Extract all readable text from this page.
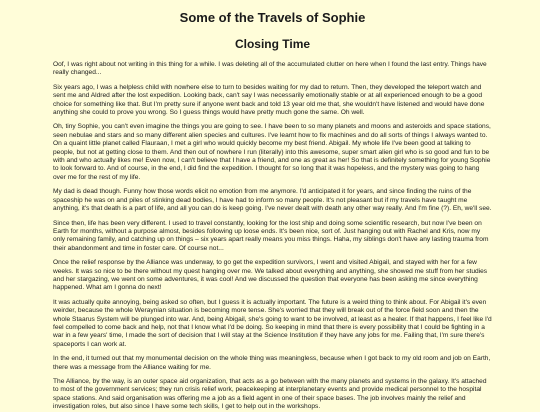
Some of the Travels of Sophie
Closing Time

Oof, I was right about not writing in this thing for a while. I was deleting all of the accumulated clutter on here when I found the last entry. Things have really changed...

Six years ago, I was a helpless child with nowhere else to turn to besides waiting for my dad to return. Then, they developed the teleport watch and sent me and Aldred after the lost expedition. Looking back, can't say I was necessarily emotionally stable or at all experienced enough to be a good choice for something like that. But I'm pretty sure if anyone went back and told 13 year old me that, she wouldn't have listened and would have done anything she could to prove you wrong. So I guess things would have pretty much gone the same. Oh well.

Oh, tiny Sophie, you can't even imagine the things you are going to see. I have been to so many planets and moons and asteroids and space stations, seen nebulae and stars and so many different alien species and cultures. I've learnt how to fix machines and do all sorts of things I always wanted to. On a quaint little planet called Flauraan, I met a girl who would quickly become my best friend. Abigail. My whole life I've been good at talking to people, but not at getting close to them. And then out of nowhere I run (literally) into this awesome, super smart alien girl who is so good and fun to be with and who actually likes me! Even now, I can't believe that I have a friend, and one as great as her! So that is definitely something for young Sophie to look forward to. And of course, in the end, I did find the expedition. I thought for so long that it was hopeless, and the mystery was going to hang over me for the rest of my life.

My dad is dead though. Funny how those words elicit no emotion from me anymore. I'd anticipated it for years, and since finding the ruins of the spaceship he was on and piles of stinking dead bodies, I have had to inform so many people. It's not pleasant but if my travels have taught me anything, it's that death is a part of life, and all you can do is keep going. I've never dealt with death any other way really. And I'm fine (?). Eh, we'll see.

Since then, life has been very different. I used to travel constantly, looking for the lost ship and doing some scientific research, but now I've been on Earth for months, without a purpose almost, besides following up loose ends. It's been nice, sort of. Just hanging out with Rachel and Kris, now my only remaining family, and catching up on things – six years apart really means you miss things. Haha, my siblings don't have any lasting trauma from their abandonment and time in foster care. Of course not...

Once the relief response by the Alliance was underway, to go get the expedition survivors, I went and visited Abigail, and stayed with her for a few weeks. It was so nice to be there without my quest hanging over me. We talked about everything and anything, she showed me stuff from her studies and her stargazing, we went on some adventures, it was cool! And we discussed the question that everyone has been asking me since everything happened. What am I gonna do next!

It was actually quite annoying, being asked so often, but I guess it is actually important. The future is a weird thing to think about. For Abigail it's even weirder, because the whole Weraynian situation is becoming more tense. She's worried that they will break out of the force field soon and then the whole Staarus System will be plunged into war. And, being Abigail, she's going to want to be involved, at least as a healer. If that happens, I feel like I'd feel compelled to come back and help, not that I know what I'd be doing. So keeping in mind that there is every possibility that I could be fighting in a war in a few years' time, I made the sort of decision that I will stay at the Science Institution if they have any jobs for me. Failing that, I'm sure there's spaceports I can work at.

In the end, it turned out that my monumental decision on the whole thing was meaningless, because when I got back to my old room and job on Earth, there was a message from the Alliance waiting for me.

The Alliance, by the way, is an outer space aid organization, that acts as a go between with the many planets and systems in the galaxy. It's attached to most of the government services; they run crisis relief work, peacekeeping at interplanetary events and provide medical personnel to the hospital space stations. And said organisation was offering me a job as a field agent in one of their space bases. The job involves mainly the relief and investigation roles, but also since I have some tech skills, I get to help out in the workshops.
